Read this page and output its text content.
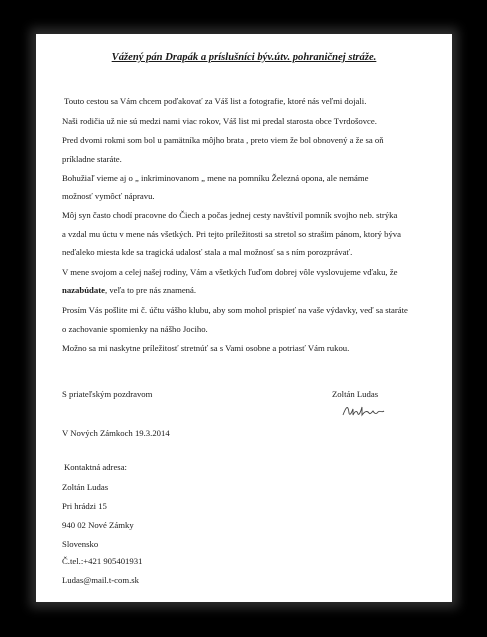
Vážený pán Drapák a príslušníci býv.útv. pohraničnej stráže.
Touto cestou sa Vám chcem poďakovať za Váš list a fotografie, ktoré nás veľmi dojali.
Naši rodičia už nie sú medzi nami viac rokov, Váš list mi predal starosta obce Tvrdošovce.
Pred dvomi rokmi som bol u pamätníka môjho brata , preto viem že bol obnovený a že sa oň
príkladne staráte.
Bohužiaľ vieme aj o „ inkriminovanom „ mene na pomníku Železná opona, ale nemáme
možnosť vymôcť nápravu.
Môj syn často chodí pracovne do Čiech a počas jednej cesty navštívil pomník svojho neb. strýka
a vzdal mu úctu v mene nás všetkých. Pri tejto príležitosti sa stretol so strašim pánom, ktorý býva
neďaleko miesta kde sa tragická udalosť stala a mal možnosť sa s ním porozprávať.
V mene svojom a celej našej rodiny, Vám a všetkých ľuďom dobrej vôle vyslovujeme vďaku, že
nazabúdate, veľa to pre nás znamená.
Prosím Vás pošlite mi č. účtu vášho klubu, aby som mohol prispieť na vaše výdavky, veď sa staráte
o zachovanie spomienky na nášho Jociho.
Možno sa mi naskytne príležitosť stretnúť sa s Vami osobne a potriasť Vám rukou.
S priateľským pozdravom	Zoltán Ludas
V Nových Zámkoch 19.3.2014
Kontaktná adresa:
Zoltán Ludas
Pri hrádzi 15
940 02 Nové Zámky
Slovensko
Č.tel.:+421 905401931
Ludas@mail.t-com.sk
